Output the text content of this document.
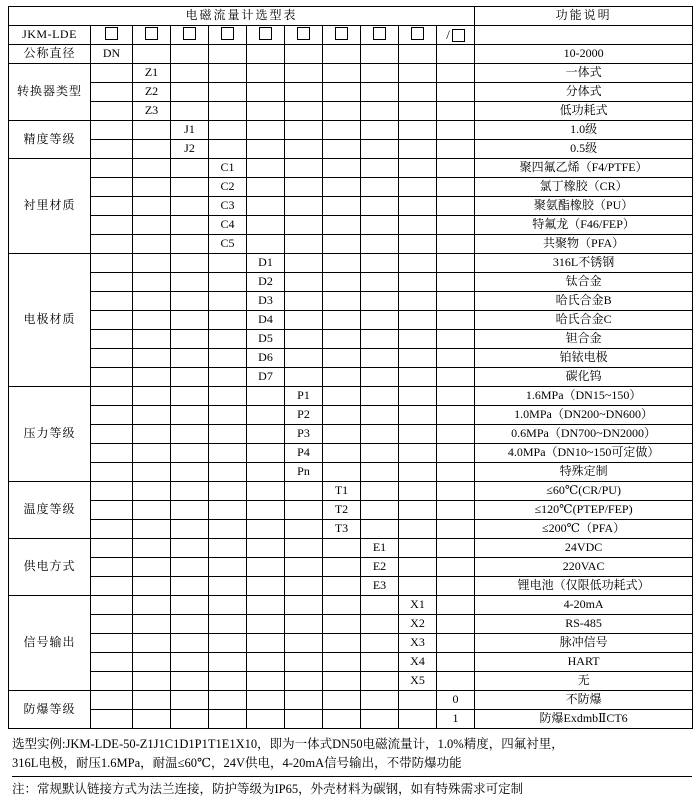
电磁流量计选型表											功能说明
JKM-LDE										/	

公称直径	DN										10-2000
转换器类型		Z1									一体式
		Z2									分体式
		Z3									低功耗式
精度等级			J1								1.0级
			J2								0.5级
衬里材质				C1							聚四氟乙烯（F4/PTFE）
				C2							氯丁橡胶（CR）
				C3							聚氨酯橡胶（PU）
				C4							特氟龙（F46/FEP）
				C5							共聚物（PFA）
电极材质					D1						316L不锈钢
					D2						钛合金
					D3						哈氏合金B
					D4						哈氏合金C
					D5						钽合金
					D6						铂铱电极
					D7						碳化钨
压力等级						P1					1.6MPa（DN15~150）
						P2					1.0MPa（DN200~DN600）
						P3					0.6MPa（DN700~DN2000）
						P4					4.0MPa（DN10~150可定做）
						Pn					特殊定制
温度等级							T1				≤60℃(CR/PU)
							T2				≤120℃(PTEP/FEP)
							T3				≤200℃（PFA）
供电方式								E1			24VDC
								E2			220VAC
								E3			锂电池（仅限低功耗式）
信号输出									X1		4-20mA
									X2		RS-485
									X3		脉冲信号
									X4		HART
									X5		无
防爆等级										0	不防爆
										1	防爆ExdmbⅡCT6
选型实例:JKM-LDE-50-Z1J1C1D1P1T1E1X10，即为一体式DN50电磁流量计，1.0%精度，四氟衬里，
316L电极，耐压1.6MPa，耐温≤60℃，24V供电，4-20mA信号输出，不带防爆功能
注：常规默认链接方式为法兰连接，防护等级为IP65，外壳材料为碳钢，如有特殊需求可定制
